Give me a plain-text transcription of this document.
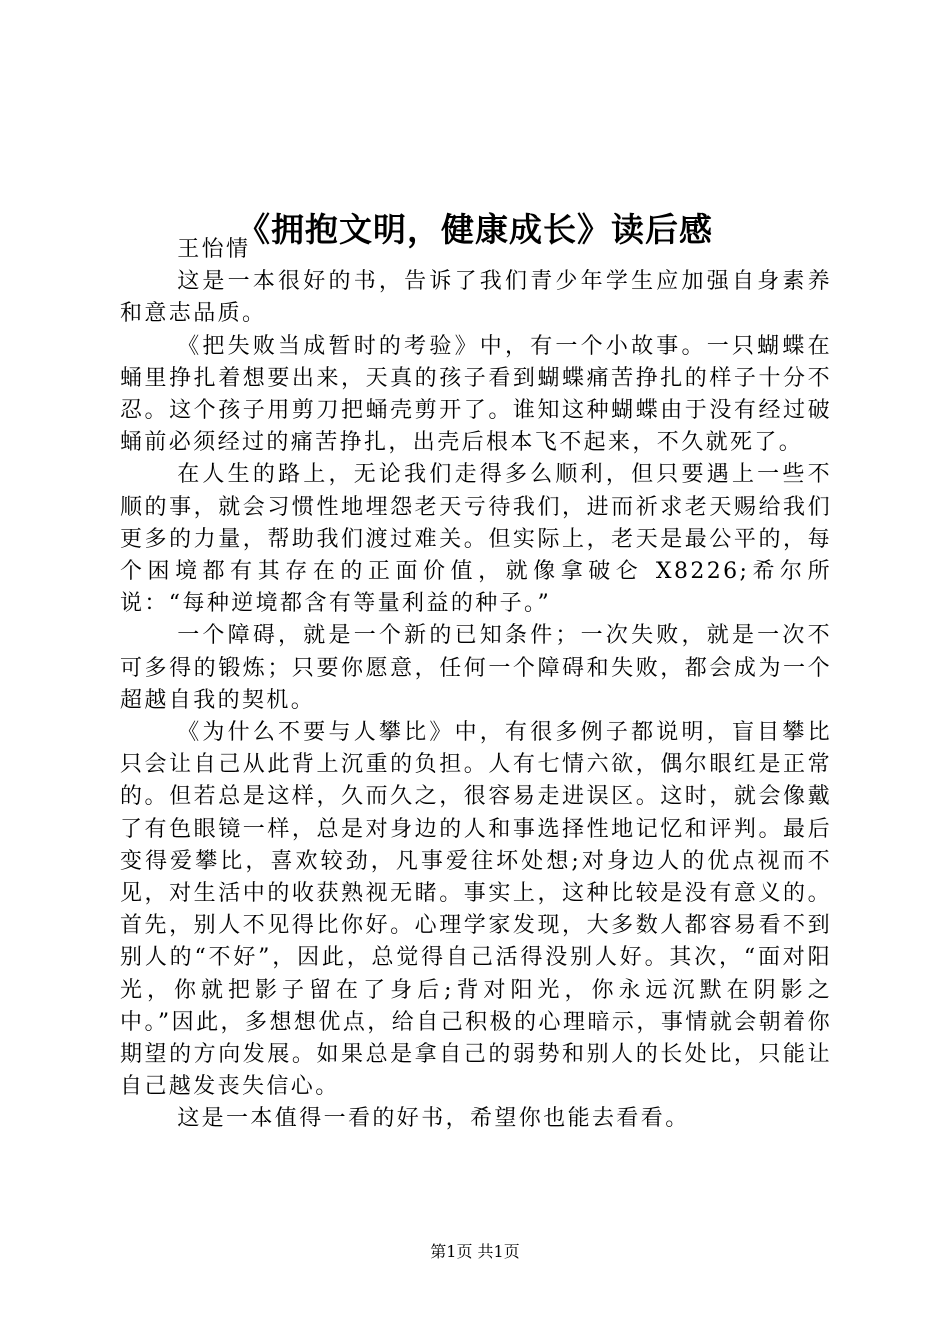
《拥抱文明，健康成长》读后感

王怡情

这是一本很好的书，告诉了我们青少年学生应加强自身素养和意志品质。

《把失败当成暂时的考验》中，有一个小故事。一只蝴蝶在蛹里挣扎着想要出来，天真的孩子看到蝴蝶痛苦挣扎的样子十分不忍。这个孩子用剪刀把蛹壳剪开了。谁知这种蝴蝶由于没有经过破蛹前必须经过的痛苦挣扎，出壳后根本飞不起来，不久就死了。

在人生的路上，无论我们走得多么顺利，但只要遇上一些不顺的事，就会习惯性地埋怨老天亏待我们，进而祈求老天赐给我们更多的力量，帮助我们渡过难关。但实际上，老天是最公平的，每个困境都有其存在的正面价值，就像拿破仑 X8226;希尔所说：“每种逆境都含有等量利益的种子。”

一个障碍，就是一个新的已知条件；一次失败，就是一次不可多得的锻炼；只要你愿意，任何一个障碍和失败，都会成为一个超越自我的契机。

《为什么不要与人攀比》中，有很多例子都说明，盲目攀比只会让自己从此背上沉重的负担。人有七情六欲，偶尔眼红是正常的。但若总是这样，久而久之，很容易走进误区。这时，就会像戴了有色眼镜一样，总是对身边的人和事选择性地记忆和评判。最后变得爱攀比，喜欢较劲，凡事爱往坏处想;对身边人的优点视而不见，对生活中的收获熟视无睹。事实上，这种比较是没有意义的。首先，别人不见得比你好。心理学家发现，大多数人都容易看不到别人的“不好”，因此，总觉得自己活得没别人好。其次，“面对阳光，你就把影子留在了身后;背对阳光，你永远沉默在阴影之中。”因此，多想想优点，给自己积极的心理暗示，事情就会朝着你期望的方向发展。如果总是拿自己的弱势和别人的长处比，只能让自己越发丧失信心。

这是一本值得一看的好书，希望你也能去看看。

第1页 共1页
